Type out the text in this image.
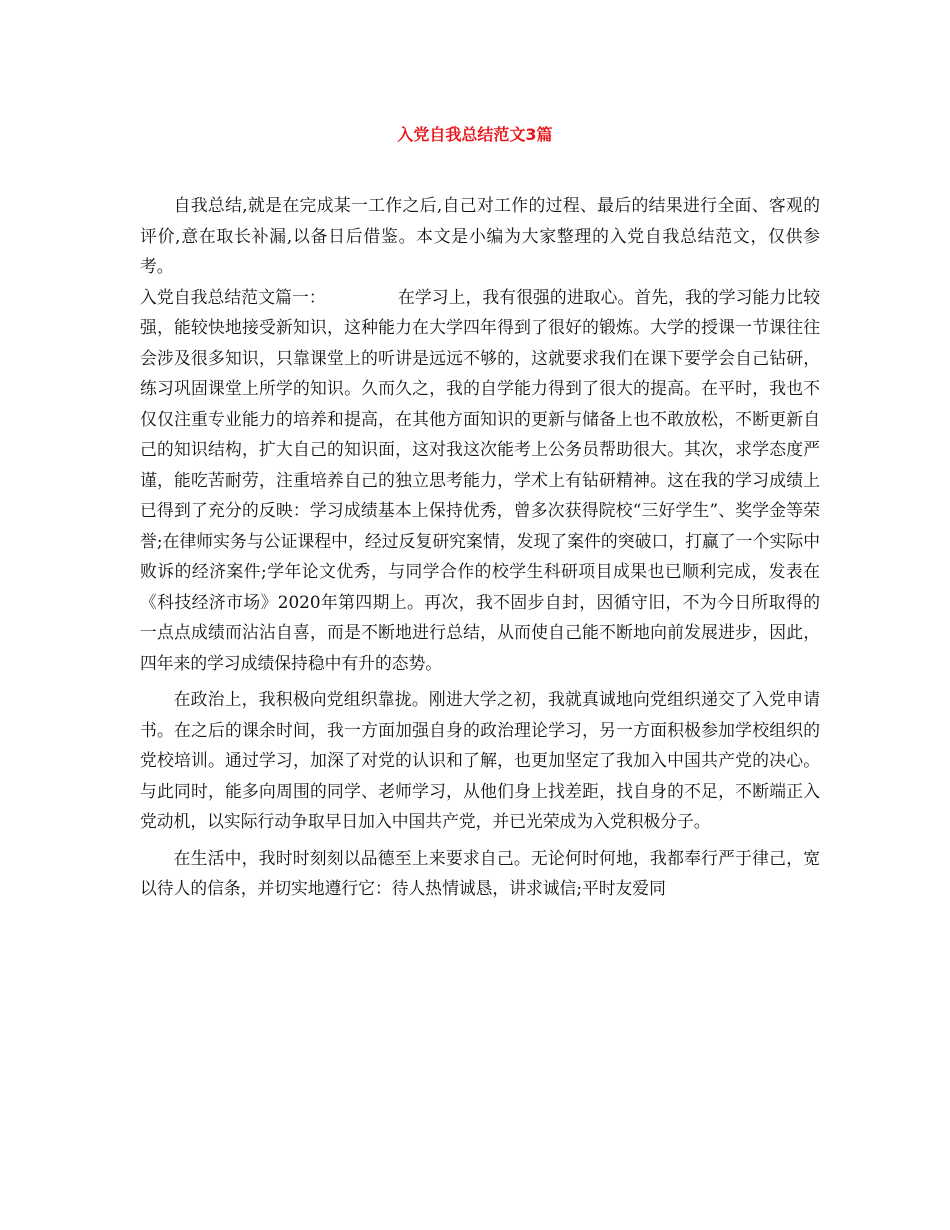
入党自我总结范文3篇

自我总结,就是在完成某一工作之后,自己对工作的过程、最后的结果进行全面、客观的评价,意在取长补漏,以备日后借鉴。本文是小编为大家整理的入党自我总结范文，仅供参考。

入党自我总结范文篇一：	在学习上，我有很强的进取心。首先，我的学习能力比较强，能较快地接受新知识，这种能力在大学四年得到了很好的锻炼。大学的授课一节课往往会涉及很多知识，只靠课堂上的听讲是远远不够的，这就要求我们在课下要学会自己钻研，练习巩固课堂上所学的知识。久而久之，我的自学能力得到了很大的提高。在平时，我也不仅仅注重专业能力的培养和提高，在其他方面知识的更新与储备上也不敢放松，不断更新自己的知识结构，扩大自己的知识面，这对我这次能考上公务员帮助很大。其次，求学态度严谨，能吃苦耐劳，注重培养自己的独立思考能力，学术上有钻研精神。这在我的学习成绩上已得到了充分的反映：学习成绩基本上保持优秀，曾多次获得院校“三好学生”、奖学金等荣誉;在律师实务与公证课程中，经过反复研究案情，发现了案件的突破口，打赢了一个实际中败诉的经济案件;学年论文优秀，与同学合作的校学生科研项目成果也已顺利完成，发表在《科技经济市场》2020年第四期上。再次，我不固步自封，因循守旧，不为今日所取得的一点点成绩而沾沾自喜，而是不断地进行总结，从而使自己能不断地向前发展进步，因此，四年来的学习成绩保持稳中有升的态势。

在政治上，我积极向党组织靠拢。刚进大学之初，我就真诚地向党组织递交了入党申请书。在之后的课余时间，我一方面加强自身的政治理论学习，另一方面积极参加学校组织的党校培训。通过学习，加深了对党的认识和了解，也更加坚定了我加入中国共产党的决心。与此同时，能多向周围的同学、老师学习，从他们身上找差距，找自身的不足，不断端正入党动机，以实际行动争取早日加入中国共产党，并已光荣成为入党积极分子。

在生活中，我时时刻刻以品德至上来要求自己。无论何时何地，我都奉行严于律己，宽以待人的信条，并切实地遵行它：待人热情诚恳，讲求诚信;平时友爱同
